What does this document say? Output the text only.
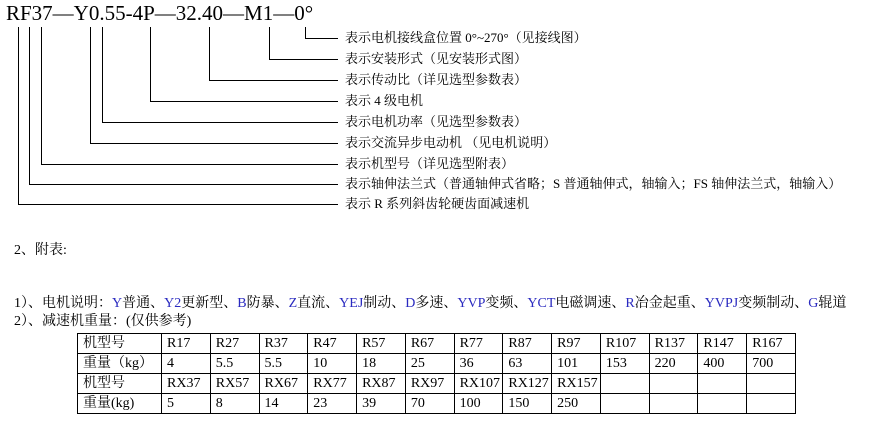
RF37—Y0.55-4P—32.40—M1—0°
表示电机接线盒位置 0°~270°（见接线图）
表示安装形式（见安装形式图）
表示传动比（详见选型参数表）
表示 4 级电机
表示电机功率（见选型参数表）
表示交流异步电动机 （见电机说明）
表示机型号（详见选型附表）
表示轴伸法兰式（普通轴伸式省略；S 普通轴伸式，轴输入；FS 轴伸法兰式，轴输入）
表示 R 系列斜齿轮硬齿面减速机
2、附表:
1）、电机说明：Y普通、Y2更新型、B防暴、Z直流、YEJ制动、D多速、YVP变频、YCT电磁调速、R冶金起重、YVPJ变频制动、G辊道
2）、减速机重量：(仅供参考)
机型号	R17	R27	R37	R47	R57	R67	R77	R87	R97	R107	R137	R147	R167
重量（kg）	4	5.5	5.5	10	18	25	36	63	101	153	220	400	700
机型号	RX37	RX57	RX67	RX77	RX87	RX97	RX107	RX127	RX157				
重量(kg)	5	8	14	23	39	70	100	150	250				
